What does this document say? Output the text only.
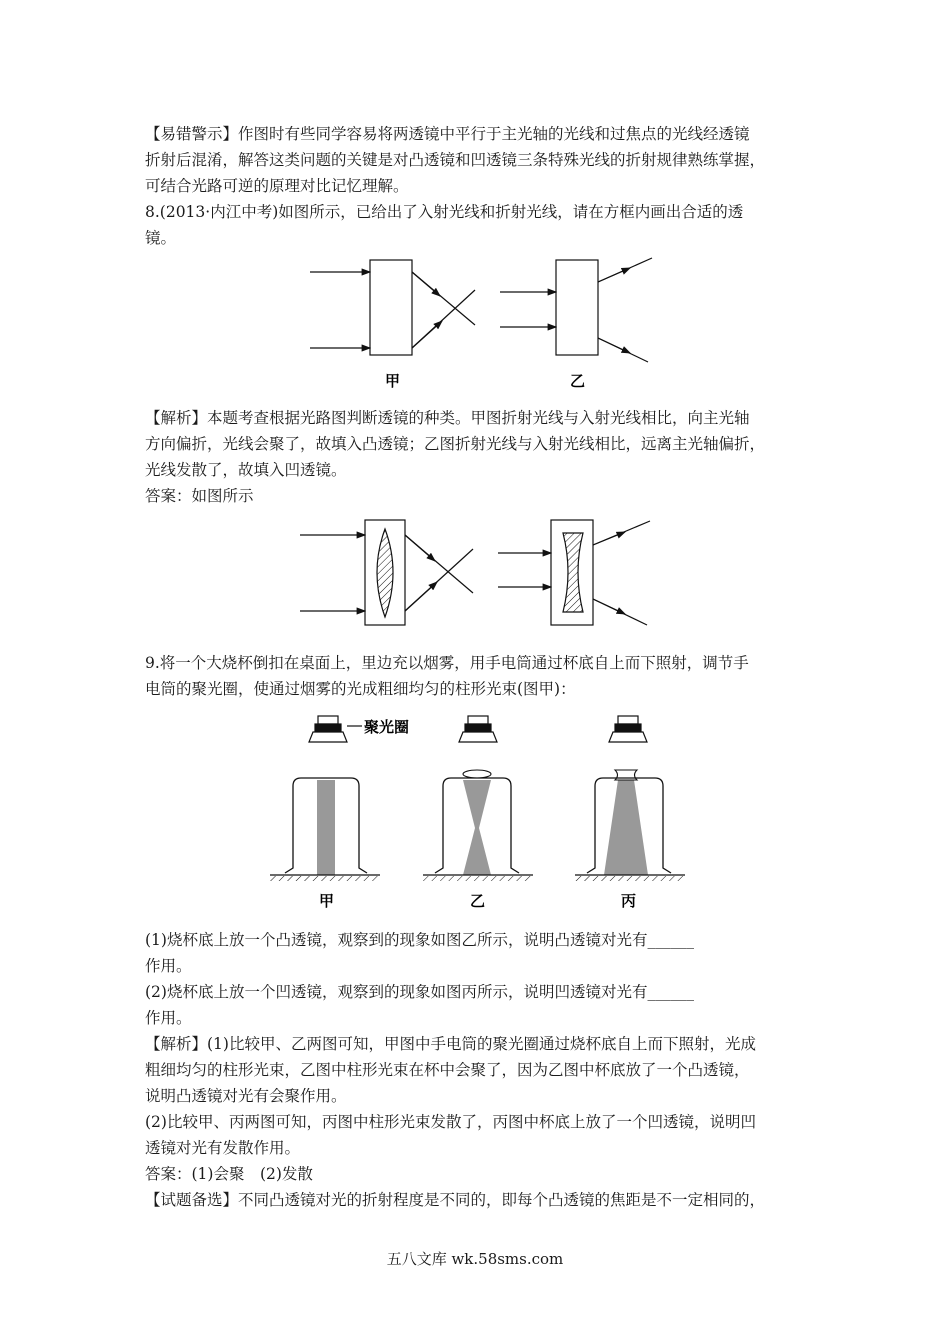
【易错警示】作图时有些同学容易将两透镜中平行于主光轴的光线和过焦点的光线经透镜

折射后混淆，解答这类问题的关键是对凸透镜和凹透镜三条特殊光线的折射规律熟练掌握，

可结合光路可逆的原理对比记忆理解。

8.(2013·内江中考)如图所示，已给出了入射光线和折射光线，请在方框内画出合适的透

镜。

甲	乙

【解析】本题考查根据光路图判断透镜的种类。甲图折射光线与入射光线相比，向主光轴

方向偏折，光线会聚了，故填入凸透镜；乙图折射光线与入射光线相比，远离主光轴偏折，

光线发散了，故填入凹透镜。

答案：如图所示

9.将一个大烧杯倒扣在桌面上，里边充以烟雾，用手电筒通过杯底自上而下照射，调节手

电筒的聚光圈，使通过烟雾的光成粗细均匀的柱形光束(图甲)：

聚光圈
甲	乙	丙

(1)烧杯底上放一个凸透镜，观察到的现象如图乙所示，说明凸透镜对光有______

作用。

(2)烧杯底上放一个凹透镜，观察到的现象如图丙所示，说明凹透镜对光有______

作用。

【解析】(1)比较甲、乙两图可知，甲图中手电筒的聚光圈通过烧杯底自上而下照射，光成

粗细均匀的柱形光束，乙图中柱形光束在杯中会聚了，因为乙图中杯底放了一个凸透镜，

说明凸透镜对光有会聚作用。

(2)比较甲、丙两图可知，丙图中柱形光束发散了，丙图中杯底上放了一个凹透镜，说明凹

透镜对光有发散作用。

答案：(1)会聚　(2)发散

【试题备选】不同凸透镜对光的折射程度是不同的，即每个凸透镜的焦距是不一定相同的，

五八文库 wk.58sms.com
